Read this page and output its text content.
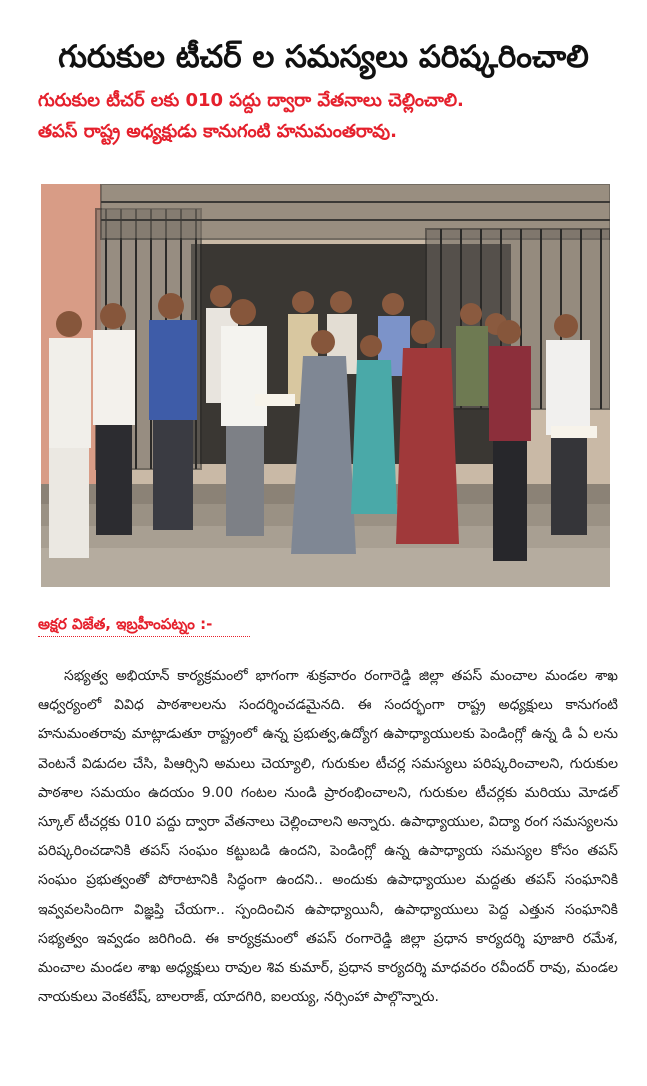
గురుకుల టీచర్ ల సమస్యలు పరిష్కరించాలి
గురుకుల టీచర్ లకు 010 పద్దు ద్వారా వేతనాలు చెల్లించాలి.
తపస్ రాష్ట్ర అధ్యక్షుడు కానుగంటి హనుమంతరావు.
అక్షర విజేత, ఇబ్రహీంపట్నం :-

సభ్యత్వ అభియాన్ కార్యక్రమంలో భాగంగా శుక్రవారం రంగారెడ్డి జిల్లా తపస్ మంచాల మండల శాఖ ఆధ్వర్యంలో వివిధ పాఠశాలలను సందర్శించడమైనది. ఈ సందర్భంగా రాష్ట్ర అధ్యక్షులు కానుగంటి హనుమంతరావు మాట్లాడుతూ రాష్ట్రంలో ఉన్న ప్రభుత్వ,ఉద్యోగ ఉపాధ్యాయులకు పెండింగ్లో ఉన్న డి ఏ లను వెంటనే విడుదల చేసి, పిఆర్సిని అమలు చెయ్యాలి, గురుకుల టీచర్ల సమస్యలు పరిష్కరించాలని, గురుకుల పాఠశాల సమయం ఉదయం 9.00 గంటల నుండి ప్రారంభించాలని, గురుకుల టీచర్లకు మరియు మోడల్ స్కూల్ టీచర్లకు 010 పద్దు ద్వారా వేతనాలు చెల్లించాలని అన్నారు. ఉపాధ్యాయుల, విద్యా రంగ సమస్యలను పరిష్కరించడానికి తపస్ సంఘం కట్టుబడి ఉందని, పెండింగ్లో ఉన్న ఉపాధ్యాయ సమస్యల కోసం తపస్ సంఘం ప్రభుత్వంతో పోరాటానికి సిద్ధంగా ఉందని.. అందుకు ఉపాధ్యాయుల మద్దతు తపస్ సంఘానికి ఇవ్వవలసిందిగా విజ్ఞప్తి చేయగా.. స్పందించిన ఉపాధ్యాయినీ, ఉపాధ్యాయులు పెద్ద ఎత్తున సంఘానికి సభ్యత్వం ఇవ్వడం జరిగింది. ఈ కార్యక్రమంలో తపస్ రంగారెడ్డి జిల్లా ప్రధాన కార్యదర్శి పూజారి రమేశ, మంచాల మండల శాఖ అధ్యక్షులు రావుల శివ కుమార్, ప్రధాన కార్యదర్శి మాధవరం రవీందర్ రావు, మండల నాయకులు వెంకటేష్, బాలరాజ్, యాదగిరి, ఐలయ్య, నర్సింహా పాల్గొన్నారు.
